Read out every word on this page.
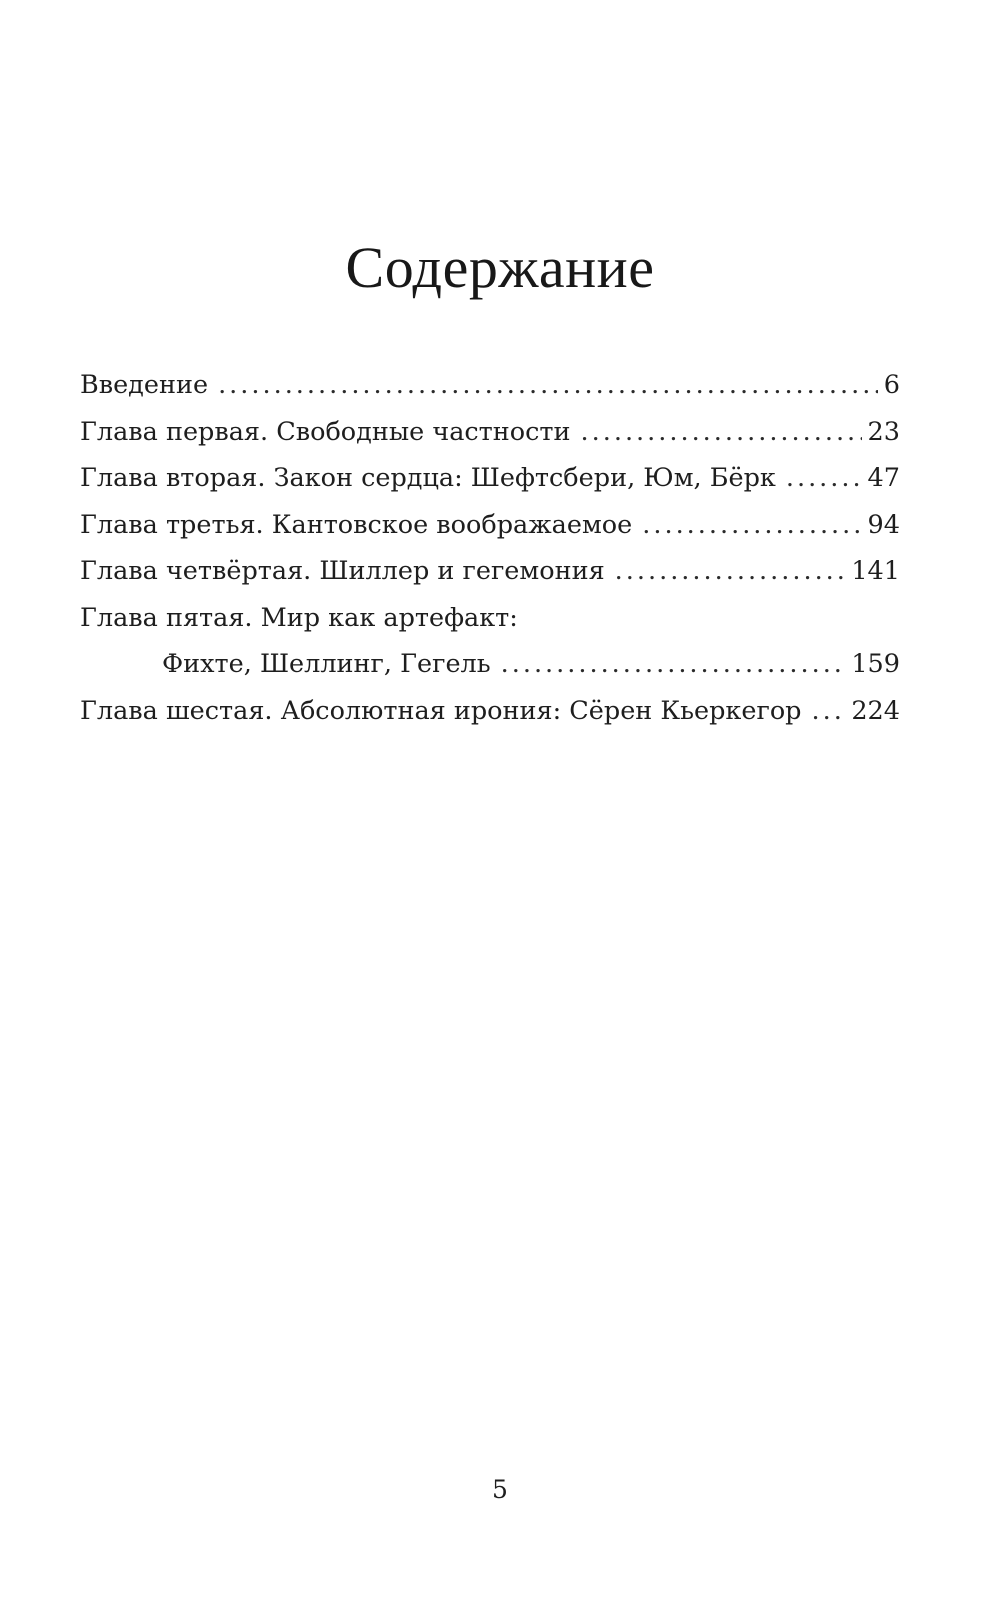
Содержание
Введение .....	6
Глава первая. Свободные частности .....	23
Глава вторая. Закон сердца: Шефтсбери, Юм, Бёрк .....	47
Глава третья. Кантовское воображаемое .....	94
Глава четвёртая. Шиллер и гегемония .....	141
Глава пятая. Мир как артефакт:
Фихте, Шеллинг, Гегель .....	159
Глава шестая. Абсолютная ирония: Сёрен Кьеркегор ..... 224
5
